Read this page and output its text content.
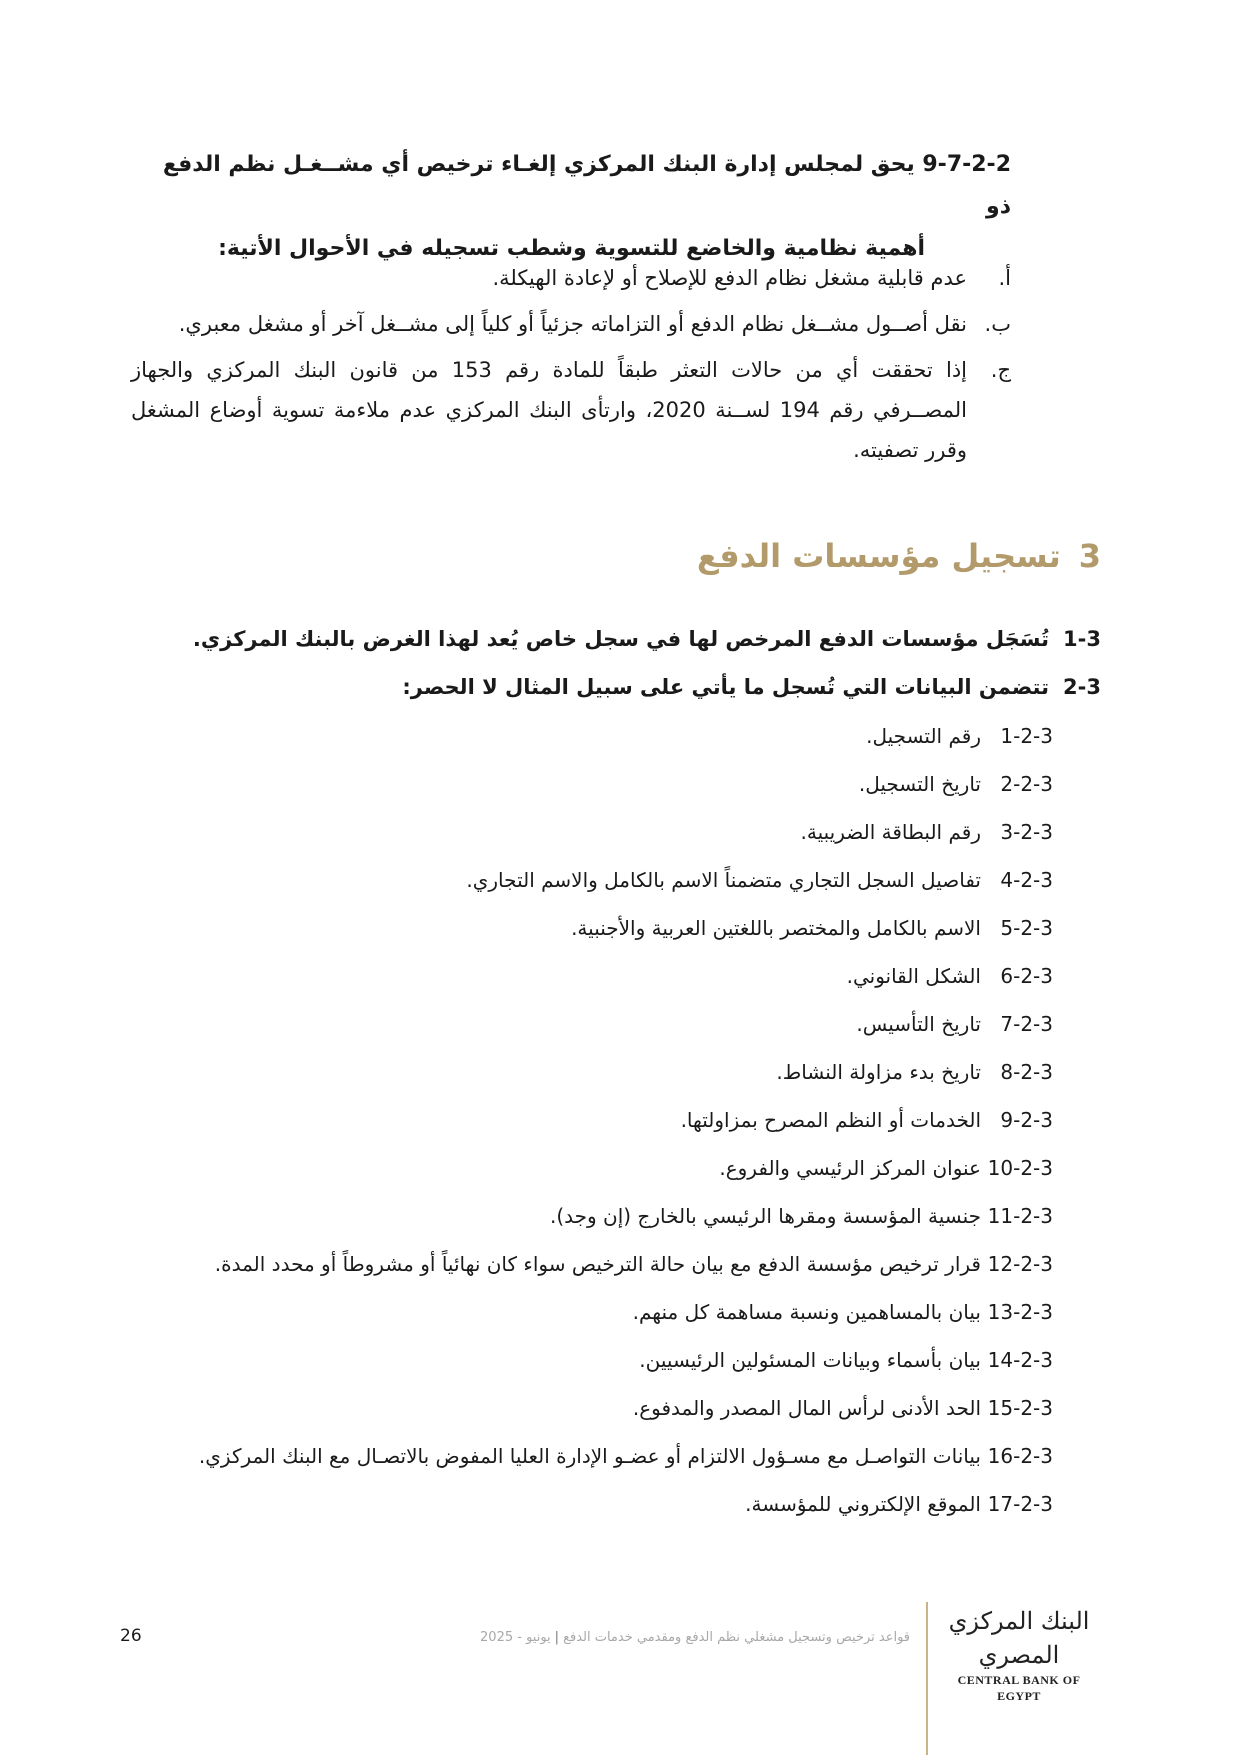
9-7-2-2 يحق لمجلس إدارة البنك المركزي إلغـاء ترخيص أي مشــغـل نظم الدفع ذو
أهمية نظامية والخاضع للتسوية وشطب تسجيله في الأحوال الأتية:
أ.
عدم قابلية مشغل نظام الدفع للإصلاح أو لإعادة الهيكلة.
ب.
نقل أصــول مشــغل نظام الدفع أو التزاماته جزئياً أو كلياً إلى مشــغل آخر أو مشغل معبري.
ج.
إذا تحققت أي من حالات التعثر طبقاً للمادة رقم 153 من قانون البنك المركزي والجهاز المصــرفي رقم 194 لســنة 2020، وارتأى البنك المركزي عدم ملاءمة تسوية أوضاع المشغل وقرر تصفيته.
3تسجيل مؤسسات الدفع
1-3
تُسَجَل مؤسسات الدفع المرخص لها في سجل خاص يُعد لهذا الغرض بالبنك المركزي.
2-3
تتضمن البيانات التي تُسجل ما يأتي على سبيل المثال لا الحصر:
1-2-3
رقم التسجيل.
2-2-3
تاريخ التسجيل.
3-2-3
رقم البطاقة الضريبية.
4-2-3
تفاصيل السجل التجاري متضمناً الاسم بالكامل والاسم التجاري.
5-2-3
الاسم بالكامل والمختصر باللغتين العربية والأجنبية.
6-2-3
الشكل القانوني.
7-2-3
تاريخ التأسيس.
8-2-3
تاريخ بدء مزاولة النشاط.
9-2-3
الخدمات أو النظم المصرح بمزاولتها.
10-2-3
عنوان المركز الرئيسي والفروع.
11-2-3
جنسية المؤسسة ومقرها الرئيسي بالخارج (إن وجد).
12-2-3
قرار ترخيص مؤسسة الدفع مع بيان حالة الترخيص سواء كان نهائياً أو مشروطاً أو محدد المدة.
13-2-3
بيان بالمساهمين ونسبة مساهمة كل منهم.
14-2-3
بيان بأسماء وبيانات المسئولين الرئيسيين.
15-2-3
الحد الأدنى لرأس المال المصدر والمدفوع.
16-2-3
بيانات التواصـل مع مسـؤول الالتزام أو عضـو الإدارة العليا المفوض بالاتصـال مع البنك المركزي.
17-2-3
الموقع الإلكتروني للمؤسسة.
البنك المركزي المصري
CENTRAL BANK OF EGYPT
قواعد ترخيص وتسجيل مشغلي نظم الدفع ومقدمي خدمات الدفع|يونيو - 2025
26
